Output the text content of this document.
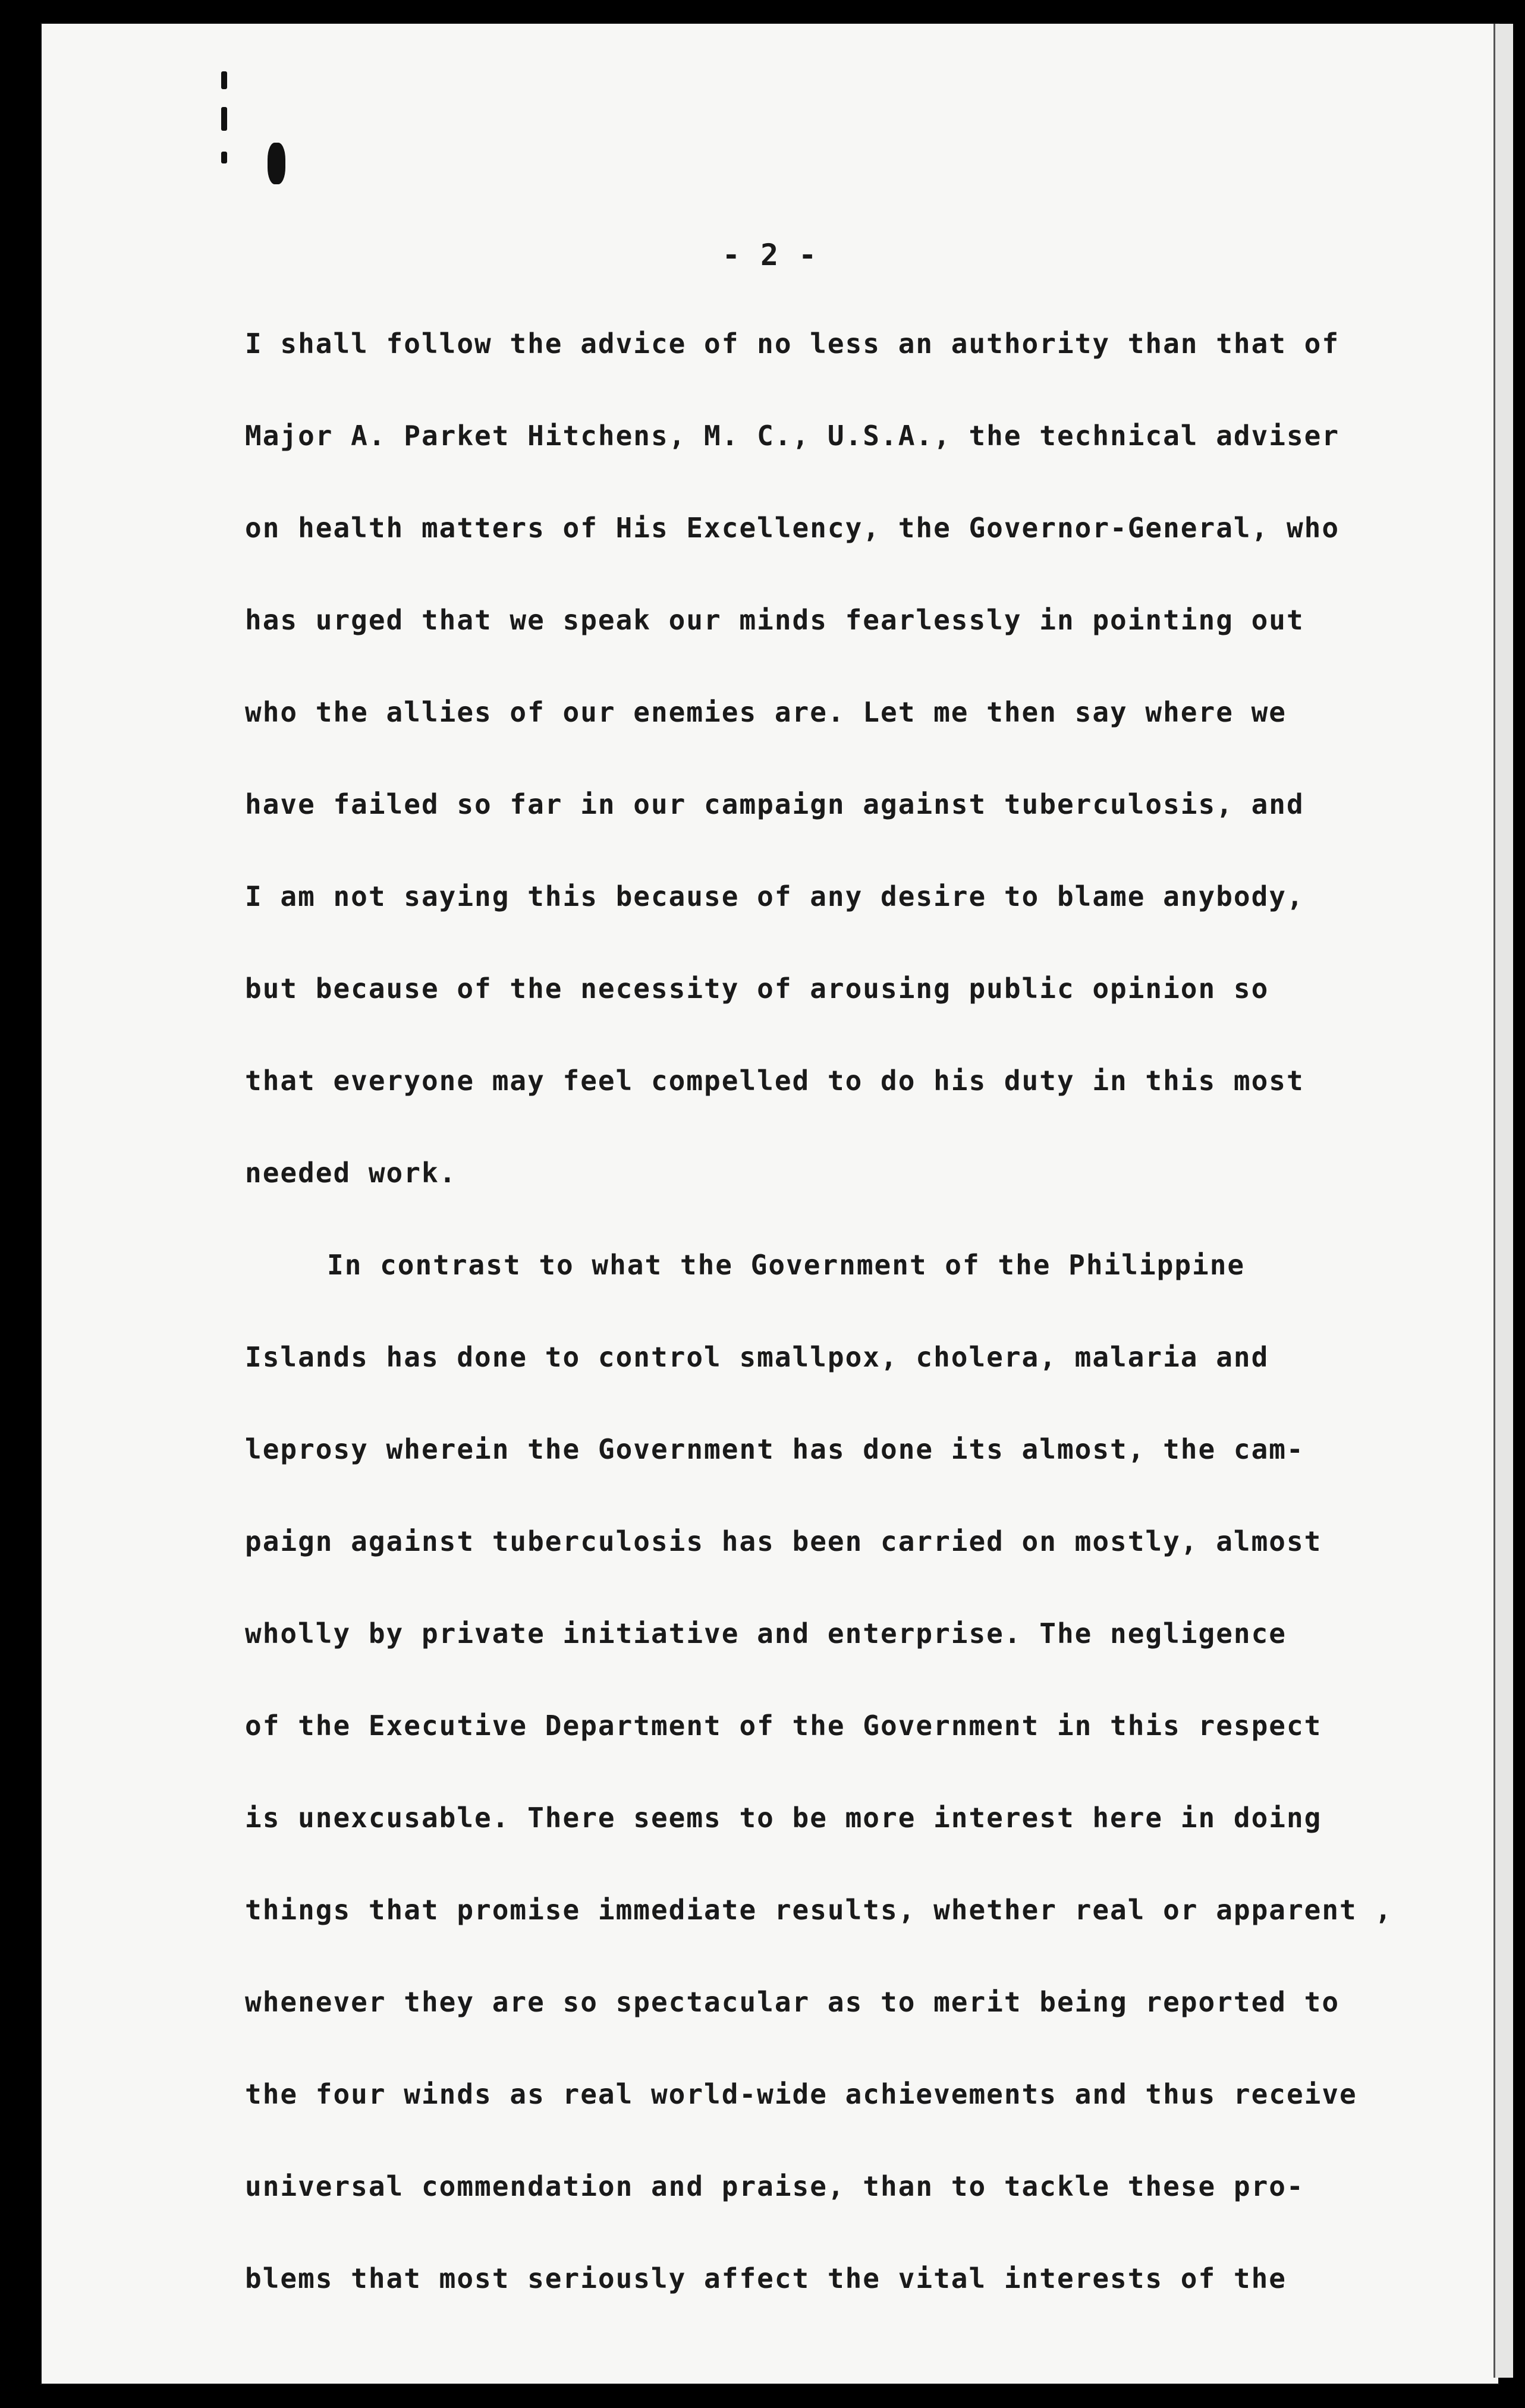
- 2 -
I shall follow the advice of no less an authority than that of
Major A. Parket Hitchens, M. C., U.S.A., the technical adviser
on health matters of His Excellency, the Governor-General, who
has urged that we speak our minds fearlessly in pointing out
who the allies of our enemies are. Let me then say where we
have failed so far in our campaign against tuberculosis, and
I am not saying this because of any desire to blame anybody,
but because of the necessity of arousing public opinion so
that everyone may feel compelled to do his duty in this most
needed work.
In contrast to what the Government of the Philippine
Islands has done to control smallpox, cholera, malaria and
leprosy wherein the Government has done its almost, the cam-
paign against tuberculosis has been carried on mostly, almost
wholly by private initiative and enterprise. The negligence
of the Executive Department of the Government in this respect
is unexcusable. There seems to be more interest here in doing
things that promise immediate results, whether real or apparent ,
whenever they are so spectacular as to merit being reported to
the four winds as real world-wide achievements and thus receive
universal commendation and praise, than to tackle these pro-
blems that most seriously affect the vital interests of the
